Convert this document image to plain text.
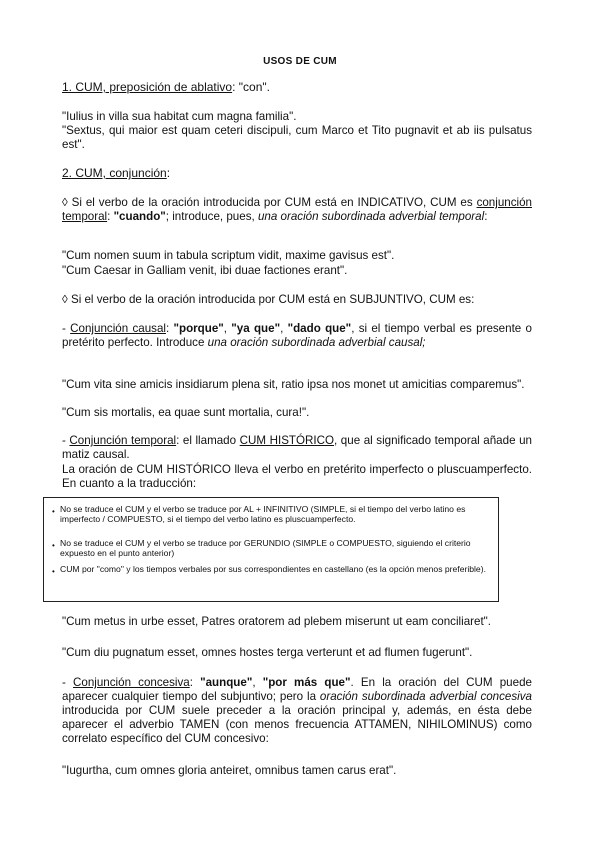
USOS DE CUM
1. CUM, preposición de ablativo: "con".
"Iulius in villa sua habitat cum magna familia".
"Sextus, qui maior est quam ceteri discipuli, cum Marco et Tito pugnavit et ab iis pulsatus est".
2. CUM, conjunción:
◊ Si el verbo de la oración introducida por CUM está en INDICATIVO, CUM es conjunción temporal: "cuando"; introduce, pues, una oración subordinada adverbial temporal:
"Cum nomen suum in tabula scriptum vidit, maxime gavisus est".
"Cum Caesar in Galliam venit, ibi duae factiones erant".
◊ Si el verbo de la oración introducida por CUM está en SUBJUNTIVO, CUM es:
- Conjunción causal: "porque", "ya que", "dado que", si el tiempo verbal es presente o pretérito perfecto. Introduce una oración subordinada adverbial causal;
"Cum vita sine amicis insidiarum plena sit, ratio ipsa nos monet ut amicitias comparemus".
"Cum sis mortalis, ea quae sunt mortalia, cura!".
- Conjunción temporal: el llamado CUM HISTÓRICO, que al significado temporal añade un matiz causal.
La oración de CUM HISTÓRICO lleva el verbo en pretérito imperfecto o pluscuamperfecto. En cuanto a la traducción:
• No se traduce el CUM y el verbo se traduce por AL + INFINITIVO (SIMPLE, si el tiempo del verbo latino es imperfecto / COMPUESTO, si el tiempo del verbo latino es pluscuamperfecto.
• No se traduce el CUM y el verbo se traduce por GERUNDIO (SIMPLE o COMPUESTO, siguiendo el criterio expuesto en el punto anterior)
• CUM por "como" y los tiempos verbales por sus correspondientes en castellano (es la opción menos preferible).
"Cum metus in urbe esset, Patres oratorem ad plebem miserunt ut eam conciliaret".
"Cum diu pugnatum esset, omnes hostes terga verterunt et ad flumen fugerunt".
- Conjunción concesiva: "aunque", "por más que". En la oración del CUM puede aparecer cualquier tiempo del subjuntivo; pero la oración subordinada adverbial concesiva introducida por CUM suele preceder a la oración principal y, además, en ésta debe aparecer el adverbio TAMEN (con menos frecuencia ATTAMEN, NIHILOMINUS) como correlato específico del CUM concesivo:
"Iugurtha, cum omnes gloria anteiret, omnibus tamen carus erat".
